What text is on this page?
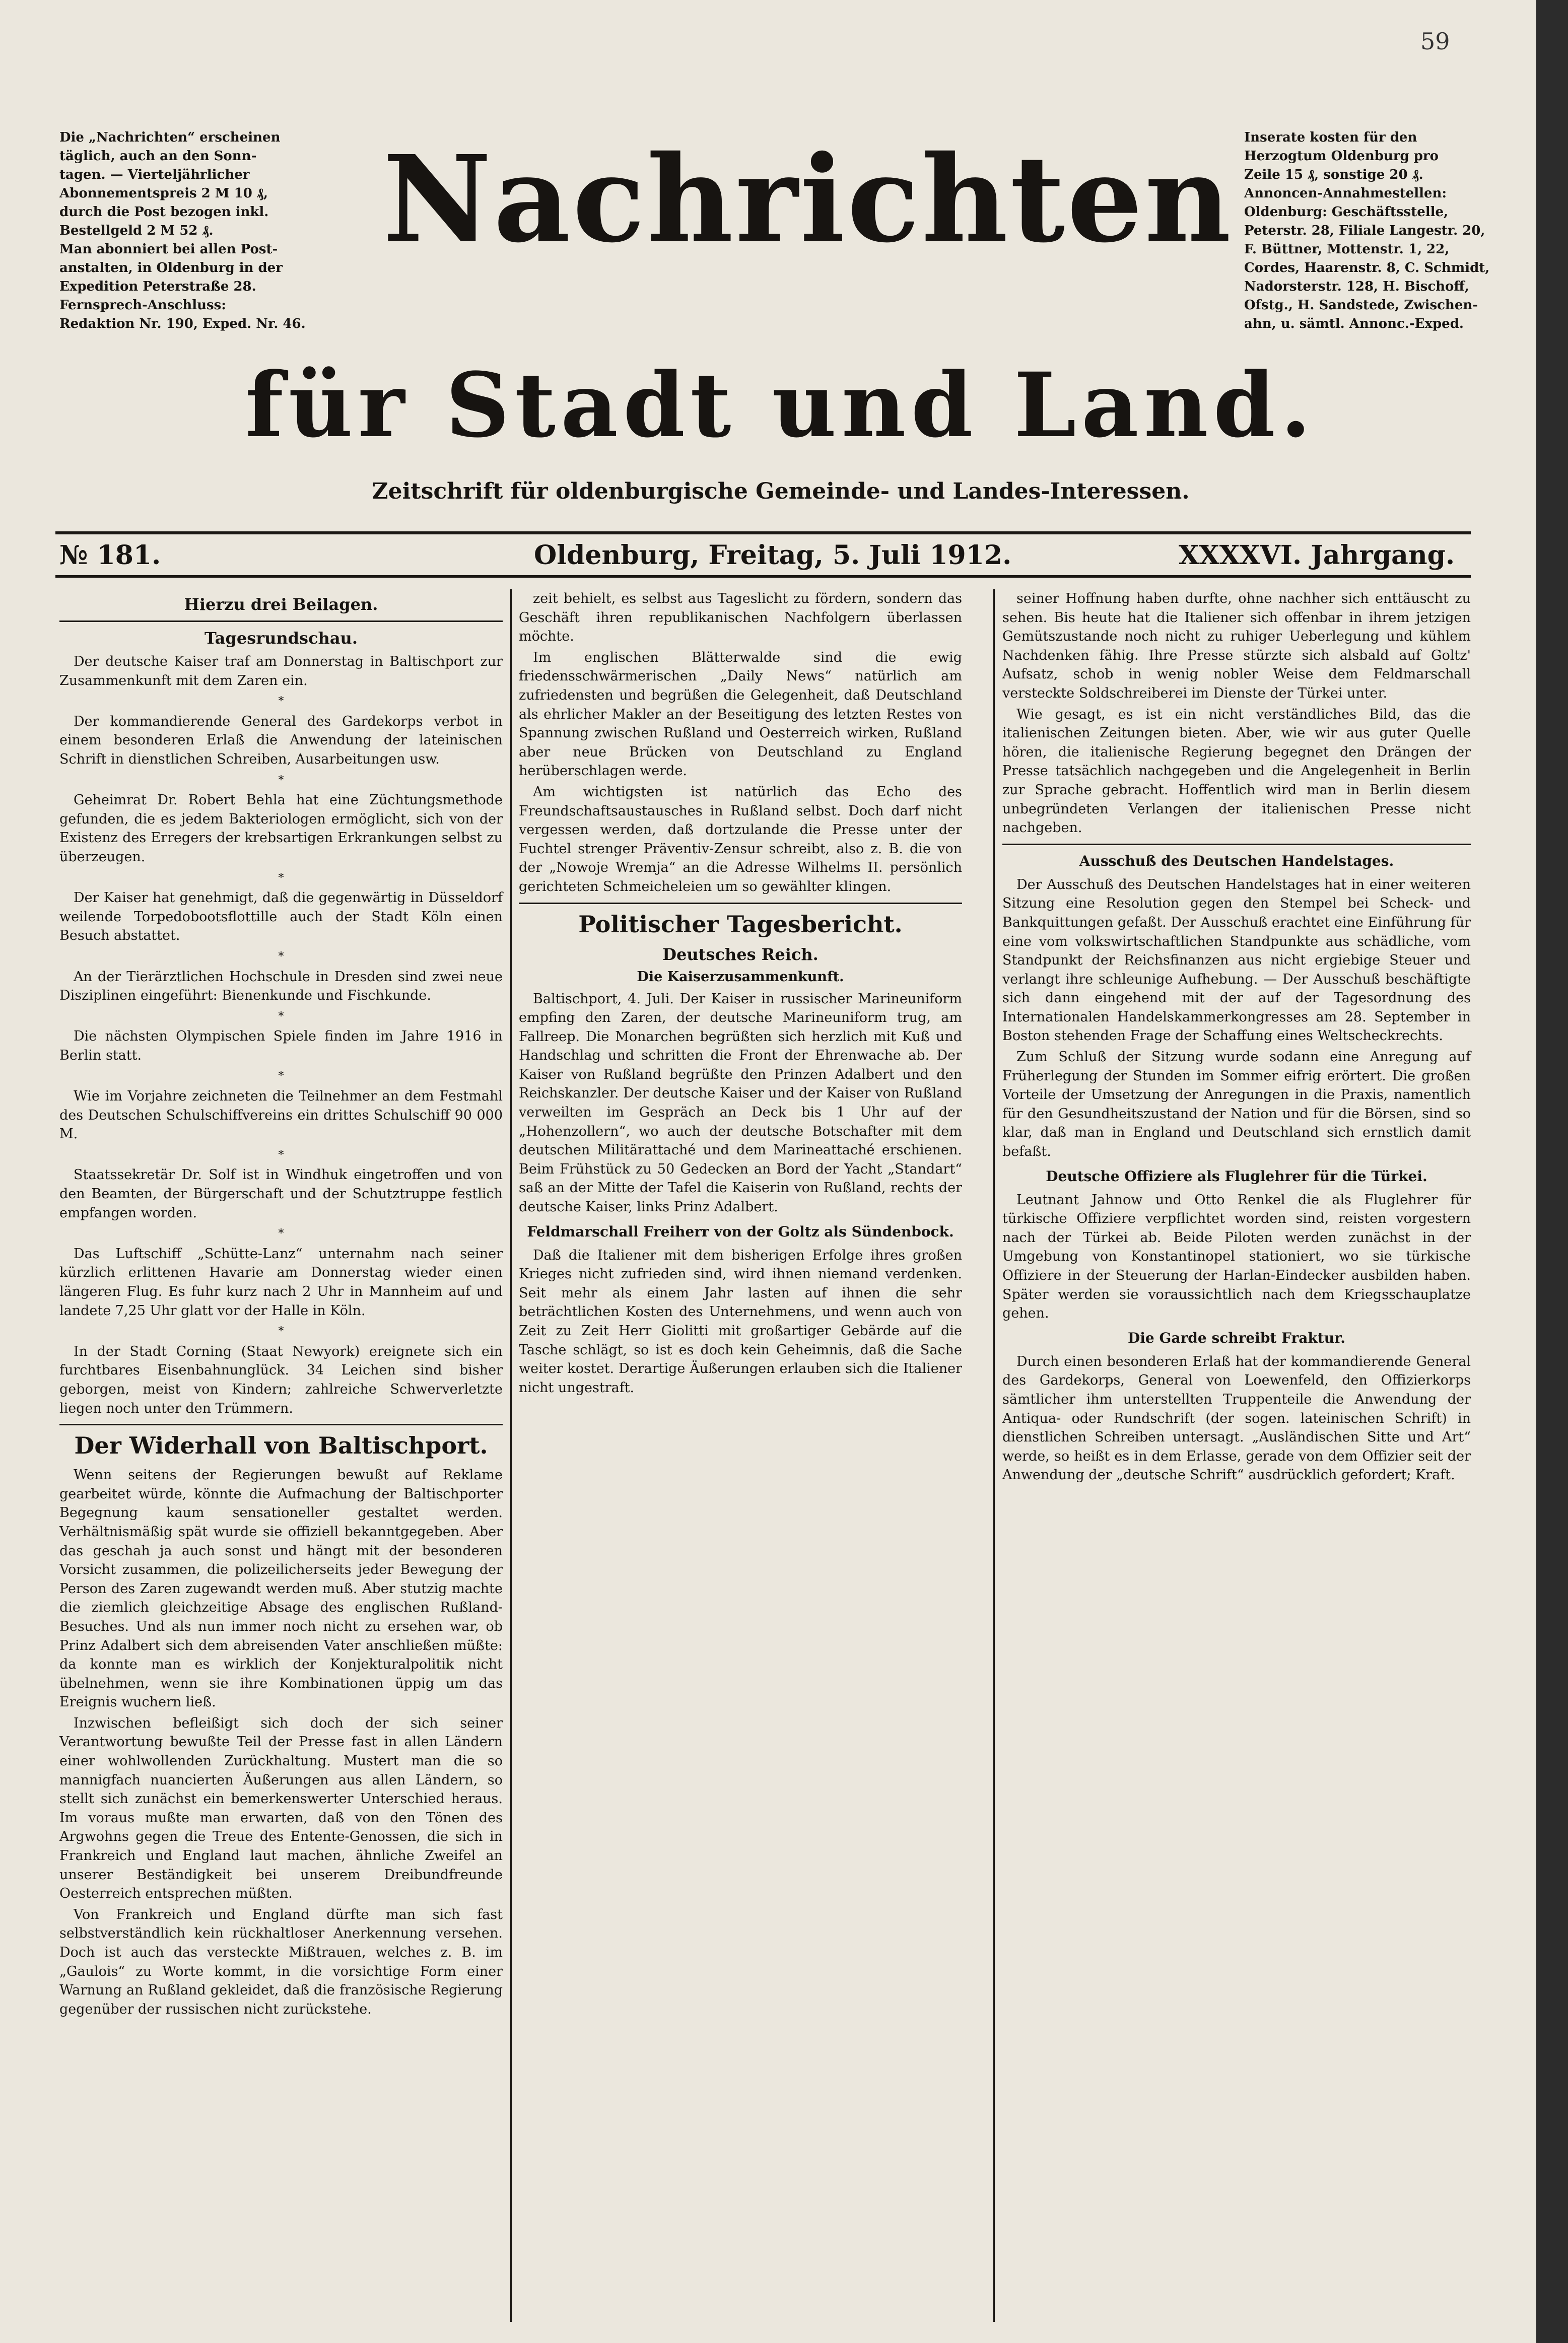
59
Die „Nachrichten“ erscheinen
täglich, auch an den Sonn-
tagen. — Vierteljährlicher
Abonnementspreis 2 M 10 ₰,
durch die Post bezogen inkl.
Bestellgeld 2 M 52 ₰.
Man abonniert bei allen Post-
anstalten, in Oldenburg in der
Expedition Peterstraße 28.
Fernsprech-Anschluss:
Redaktion Nr. 190, Exped. Nr. 46.
Nachrichten Inserate kosten für den
Herzogtum Oldenburg pro
Zeile 15 ₰, sonstige 20 ₰.
Annoncen-Annahmestellen:
Oldenburg: Geschäftsstelle,
Peterstr. 28, Filiale Langestr. 20,
F. Büttner, Mottenstr. 1, 22,
Cordes, Haarenstr. 8, C. Schmidt,
Nadorsterstr. 128, H. Bischoff,
Ofstg., H. Sandstede, Zwischen-
ahn, u. sämtl. Annonc.-Exped.
für Stadt und Land.
Zeitschrift für oldenburgische Gemeinde- und Landes-Interessen.
№ 181.	Oldenburg, Freitag, 5. Juli 1912.	XXXXVI. Jahrgang.
Hierzu drei Beilagen.
Tagesrundschau.

Der deutsche Kaiser traf am Donnerstag in Baltischport zur Zusammenkunft mit dem Zaren ein.

*

Der kommandierende General des Gardekorps verbot in einem besonderen Erlaß die Anwendung der lateinischen Schrift in dienstlichen Schreiben, Ausarbeitungen usw.

*

Geheimrat Dr. Robert Behla hat eine Züchtungsmethode gefunden, die es jedem Bakteriologen ermöglicht, sich von der Existenz des Erregers der krebsartigen Erkrankungen selbst zu überzeugen.

*

Der Kaiser hat genehmigt, daß die gegenwärtig in Düsseldorf weilende Torpedobootsflottille auch der Stadt Köln einen Besuch abstattet.

*

An der Tierärztlichen Hochschule in Dresden sind zwei neue Disziplinen eingeführt: Bienenkunde und Fischkunde.

*

Die nächsten Olympischen Spiele finden im Jahre 1916 in Berlin statt.

*

Wie im Vorjahre zeichneten die Teilnehmer an dem Festmahl des Deutschen Schulschiffvereins ein drittes Schulschiff 90 000 M.

*

Staatssekretär Dr. Solf ist in Windhuk eingetroffen und von den Beamten, der Bürgerschaft und der Schutztruppe festlich empfangen worden.

*

Das Luftschiff „Schütte-Lanz“ unternahm nach seiner kürzlich erlittenen Havarie am Donnerstag wieder einen längeren Flug. Es fuhr kurz nach 2 Uhr in Mannheim auf und landete 7,25 Uhr glatt vor der Halle in Köln.

*

In der Stadt Corning (Staat Newyork) ereignete sich ein furchtbares Eisenbahnunglück. 34 Leichen sind bisher geborgen, meist von Kindern; zahlreiche Schwerverletzte liegen noch unter den Trümmern.

Der Widerhall von Baltischport.

Wenn seitens der Regierungen bewußt auf Reklame gearbeitet würde, könnte die Aufmachung der Baltischporter Begegnung kaum sensationeller gestaltet werden. Verhältnismäßig spät wurde sie offiziell bekanntgegeben. Aber das geschah ja auch sonst und hängt mit der besonderen Vorsicht zusammen, die polizeilicherseits jeder Bewegung der Person des Zaren zugewandt werden muß. Aber stutzig machte die ziemlich gleichzeitige Absage des englischen Rußland-Besuches. Und als nun immer noch nicht zu ersehen war, ob Prinz Adalbert sich dem abreisenden Vater anschließen müßte: da konnte man es wirklich der Konjekturalpolitik nicht übelnehmen, wenn sie ihre Kombinationen üppig um das Ereignis wuchern ließ.

Inzwischen befleißigt sich doch der sich seiner Verantwortung bewußte Teil der Presse fast in allen Ländern einer wohlwollenden Zurückhaltung. Mustert man die so mannigfach nuancierten Äußerungen aus allen Ländern, so stellt sich zunächst ein bemerkenswerter Unterschied heraus. Im voraus mußte man erwarten, daß von den Tönen des Argwohns gegen die Treue des Entente-Genossen, die sich in Frankreich und England laut machen, ähnliche Zweifel an unserer Beständigkeit bei unserem Dreibundfreunde Oesterreich entsprechen müßten.

Von Frankreich und England dürfte man sich fast selbstverständlich kein rückhaltloser Anerkennung versehen. Doch ist auch das versteckte Mißtrauen, welches z. B. im „Gaulois“ zu Worte kommt, in die vorsichtige Form einer Warnung an Rußland gekleidet, daß die französische Regierung gegenüber der russischen nicht zurückstehe.

zeit behielt, es selbst aus Tageslicht zu fördern, sondern das Geschäft ihren republikanischen Nachfolgern überlassen möchte.

Im englischen Blätterwalde sind die ewig friedensschwärmerischen „Daily News“ natürlich am zufriedensten und begrüßen die Gelegenheit, daß Deutschland als ehrlicher Makler an der Beseitigung des letzten Restes von Spannung zwischen Rußland und Oesterreich wirken, Rußland aber neue Brücken von Deutschland zu England herüberschlagen werde.

Am wichtigsten ist natürlich das Echo des Freundschaftsaustausches in Rußland selbst. Doch darf nicht vergessen werden, daß dortzulande die Presse unter der Fuchtel strenger Präventiv-Zensur schreibt, also z. B. die von der „Nowoje Wremja“ an die Adresse Wilhelms II. persönlich gerichteten Schmeicheleien um so gewählter klingen.

Politischer Tagesbericht.
Deutsches Reich.
Die Kaiserzusammenkunft.

Baltischport, 4. Juli. Der Kaiser in russischer Marineuniform empfing den Zaren, der deutsche Marineuniform trug, am Fallreep. Die Monarchen begrüßten sich herzlich mit Kuß und Handschlag und schritten die Front der Ehrenwache ab. Der Kaiser von Rußland begrüßte den Prinzen Adalbert und den Reichskanzler. Der deutsche Kaiser und der Kaiser von Rußland verweilten im Gespräch an Deck bis 1 Uhr auf der „Hohenzollern“, wo auch der deutsche Botschafter mit dem deutschen Militärattaché und dem Marineattaché erschienen. Beim Frühstück zu 50 Gedecken an Bord der Yacht „Standart“ saß an der Mitte der Tafel die Kaiserin von Rußland, rechts der deutsche Kaiser, links Prinz Adalbert.

Feldmarschall Freiherr von der Goltz als Sündenbock.

Daß die Italiener mit dem bisherigen Erfolge ihres großen Krieges nicht zufrieden sind, wird ihnen niemand verdenken. Seit mehr als einem Jahr lasten auf ihnen die sehr beträchtlichen Kosten des Unternehmens, und wenn auch von Zeit zu Zeit Herr Giolitti mit großartiger Gebärde auf die Tasche schlägt, so ist es doch kein Geheimnis, daß die Sache weiter kostet. Derartige Äußerungen erlauben sich die Italiener nicht ungestraft.

seiner Hoffnung haben durfte, ohne nachher sich enttäuscht zu sehen. Bis heute hat die Italiener sich offenbar in ihrem jetzigen Gemütszustande noch nicht zu ruhiger Ueberlegung und kühlem Nachdenken fähig. Ihre Presse stürzte sich alsbald auf Goltz' Aufsatz, schob in wenig nobler Weise dem Feldmarschall versteckte Soldschreiberei im Dienste der Türkei unter.

Wie gesagt, es ist ein nicht verständliches Bild, das die italienischen Zeitungen bieten. Aber, wie wir aus guter Quelle hören, die italienische Regierung begegnet den Drängen der Presse tatsächlich nachgegeben und die Angelegenheit in Berlin zur Sprache gebracht. Hoffentlich wird man in Berlin diesem unbegründeten Verlangen der italienischen Presse nicht nachgeben.

Ausschuß des Deutschen Handelstages.

Der Ausschuß des Deutschen Handelstages hat in einer weiteren Sitzung eine Resolution gegen den Stempel bei Scheck- und Bankquittungen gefaßt. Der Ausschuß erachtet eine Einführung für eine vom volkswirtschaftlichen Standpunkte aus schädliche, vom Standpunkt der Reichsfinanzen aus nicht ergiebige Steuer und verlangt ihre schleunige Aufhebung. — Der Ausschuß beschäftigte sich dann eingehend mit der auf der Tagesordnung des Internationalen Handelskammerkongresses am 28. September in Boston stehenden Frage der Schaffung eines Weltscheckrechts.

Zum Schluß der Sitzung wurde sodann eine Anregung auf Früherlegung der Stunden im Sommer eifrig erörtert. Die großen Vorteile der Umsetzung der Anregungen in die Praxis, namentlich für den Gesundheitszustand der Nation und für die Börsen, sind so klar, daß man in England und Deutschland sich ernstlich damit befaßt.

Deutsche Offiziere als Fluglehrer für die Türkei.

Leutnant Jahnow und Otto Renkel die als Fluglehrer für türkische Offiziere verpflichtet worden sind, reisten vorgestern nach der Türkei ab. Beide Piloten werden zunächst in der Umgebung von Konstantinopel stationiert, wo sie türkische Offiziere in der Steuerung der Harlan-Eindecker ausbilden haben. Später werden sie voraussichtlich nach dem Kriegsschauplatze gehen.

Die Garde schreibt Fraktur.

Durch einen besonderen Erlaß hat der kommandierende General des Gardekorps, General von Loewenfeld, den Offizierkorps sämtlicher ihm unterstellten Truppenteile die Anwendung der Antiqua- oder Rundschrift (der sogen. lateinischen Schrift) in dienstlichen Schreiben untersagt. „Ausländischen Sitte und Art“ werde, so heißt es in dem Erlasse, gerade von dem Offizier seit der Anwendung der „deutsche Schrift“ ausdrücklich gefordert; Kraft.
